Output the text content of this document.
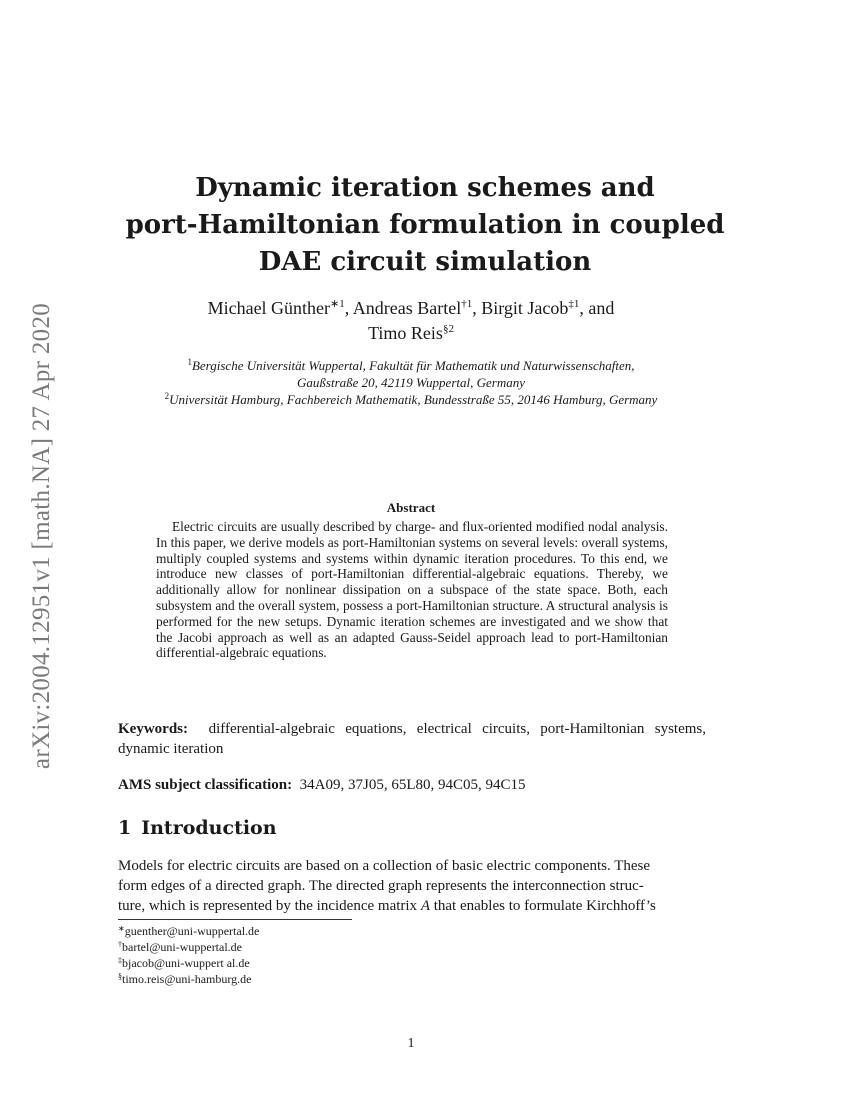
arXiv:2004.12951v1 [math.NA] 27 Apr 2020
Dynamic iteration schemes and
port-Hamiltonian formulation in coupled
DAE circuit simulation
Michael Günther$^{∗1}$, Andreas Bartel$^{\dagger 1}$, Birgit Jacob$^{\ddagger 1}$, and
Timo Reis$^{\S 2}$
$^1$Bergische Universität Wuppertal, Fakultät für Mathematik und Naturwissenschaften,
Gaußstraße 20, 42119 Wuppertal, Germany
$^2$Universität Hamburg, Fachbereich Mathematik, Bundesstraße 55, 20146 Hamburg, Germany
Abstract
Electric circuits are usually described by charge- and flux-oriented modified nodal analysis. In this paper, we derive models as port-Hamiltonian systems on several levels: overall systems, multiply coupled systems and systems within dynamic iteration procedures. To this end, we introduce new classes of port-Hamiltonian differential-algebraic equations. Thereby, we additionally allow for nonlinear dissipation on a subspace of the state space. Both, each subsystem and the overall system, possess a port-Hamiltonian structure. A structural analysis is performed for the new setups. Dynamic iteration schemes are investigated and we show that the Jacobi approach as well as an adapted Gauss-Seidel approach lead to port-Hamiltonian differential-algebraic equations.
Keywords: differential-algebraic equations, electrical circuits, port-Hamiltonian systems, dynamic iteration
AMS subject classification: 34A09, 37J05, 65L80, 94C05, 94C15
1 Introduction
Models for electric circuits are based on a collection of basic electric components. These
form edges of a directed graph. The directed graph represents the interconnection struc-
ture, which is represented by the incidence matrix A that enables to formulate Kirchhoff’s
∗guenther@uni-wuppertal.de
†bartel@uni-wuppertal.de
‡bjacob@uni-wuppert al.de
§timo.reis@uni-hamburg.de
1
